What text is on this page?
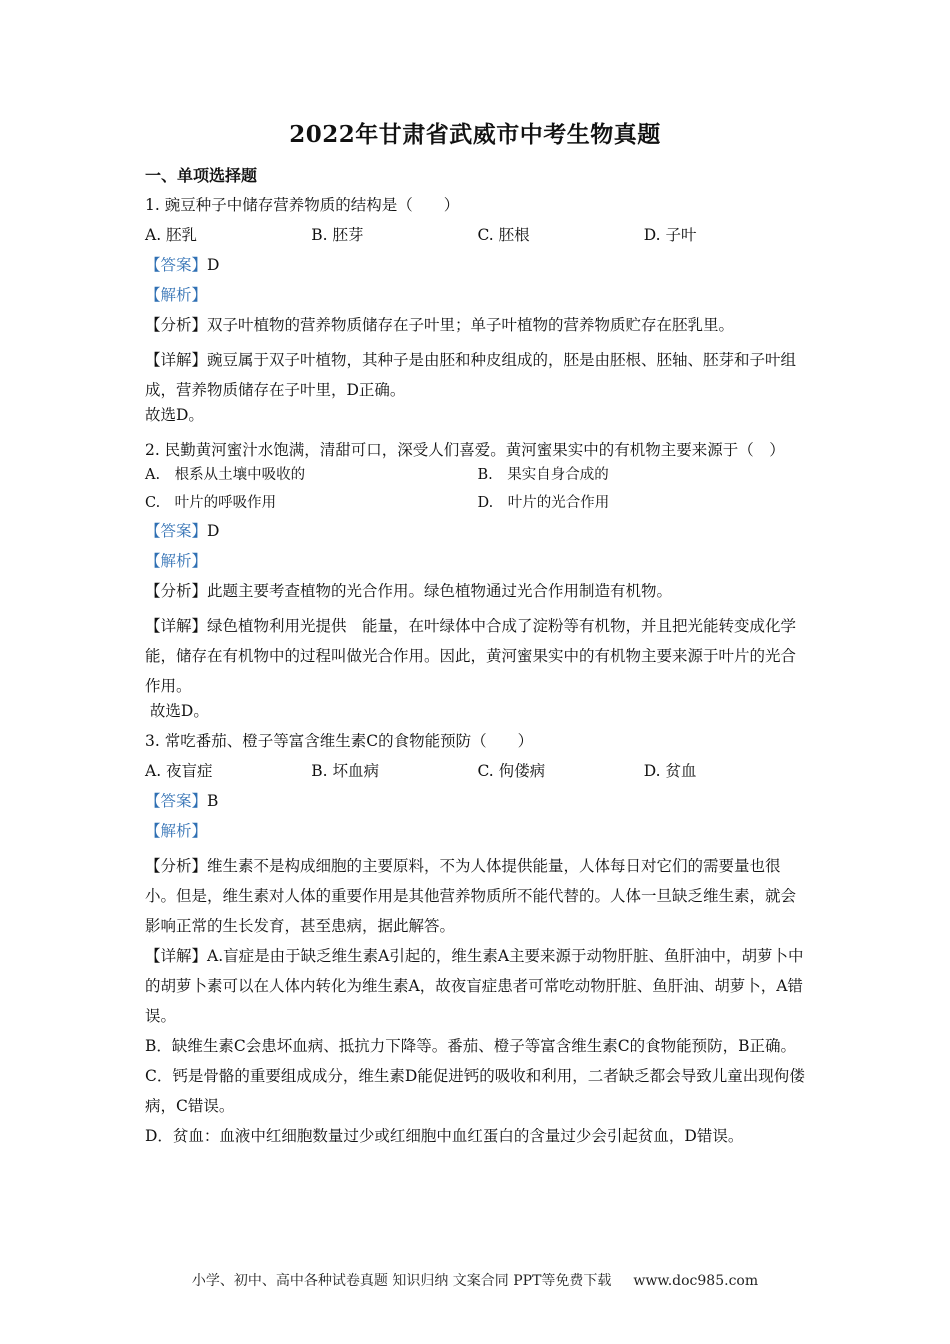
2022年甘肃省武威市中考生物真题
一、单项选择题
1. 豌豆种子中储存营养物质的结构是（　　）
A. 胚乳	B. 胚芽	C. 胚根	D. 子叶
【答案】D
【解析】
【分析】双子叶植物的营养物质储存在子叶里；单子叶植物的营养物质贮存在胚乳里。
【详解】豌豆属于双子叶植物，其种子是由胚和种皮组成的，胚是由胚根、胚轴、胚芽和子叶组成，营养物质储存在子叶里，D正确。
故选D。
2. 民勤黄河蜜汁水饱满，清甜可口，深受人们喜爱。黄河蜜果实中的有机物主要来源于（　）
A.　根系从土壤中吸收的	B.　果实自身合成的
C.　叶片的呼吸作用	D.　叶片的光合作用
【答案】D
【解析】
【分析】此题主要考查植物的光合作用。绿色植物通过光合作用制造有机物。
【详解】绿色植物利用光提供　能量，在叶绿体中合成了淀粉等有机物，并且把光能转变成化学能，储存在有机物中的过程叫做光合作用。因此，黄河蜜果实中的有机物主要来源于叶片的光合作用。
故选D。
3. 常吃番茄、橙子等富含维生素C的食物能预防（　　）
A. 夜盲症	B. 坏血病	C. 佝偻病	D. 贫血
【答案】B
【解析】
【分析】维生素不是构成细胞的主要原料，不为人体提供能量，人体每日对它们的需要量也很小。但是，维生素对人体的重要作用是其他营养物质所不能代替的。人体一旦缺乏维生素，就会影响正常的生长发育，甚至患病，据此解答。
【详解】A.盲症是由于缺乏维生素A引起的，维生素A主要来源于动物肝脏、鱼肝油中，胡萝卜中的胡萝卜素可以在人体内转化为维生素A，故夜盲症患者可常吃动物肝脏、鱼肝油、胡萝卜，A错误。
B．缺维生素C会患坏血病、抵抗力下降等。番茄、橙子等富含维生素C的食物能预防，B正确。
C．钙是骨骼的重要组成成分，维生素D能促进钙的吸收和利用，二者缺乏都会导致儿童出现佝偻病，C错误。
D．贫血：血液中红细胞数量过少或红细胞中血红蛋白的含量过少会引起贫血，D错误。
小学、初中、高中各种试卷真题 知识归纳 文案合同 PPT等免费下载 www.doc985.com
